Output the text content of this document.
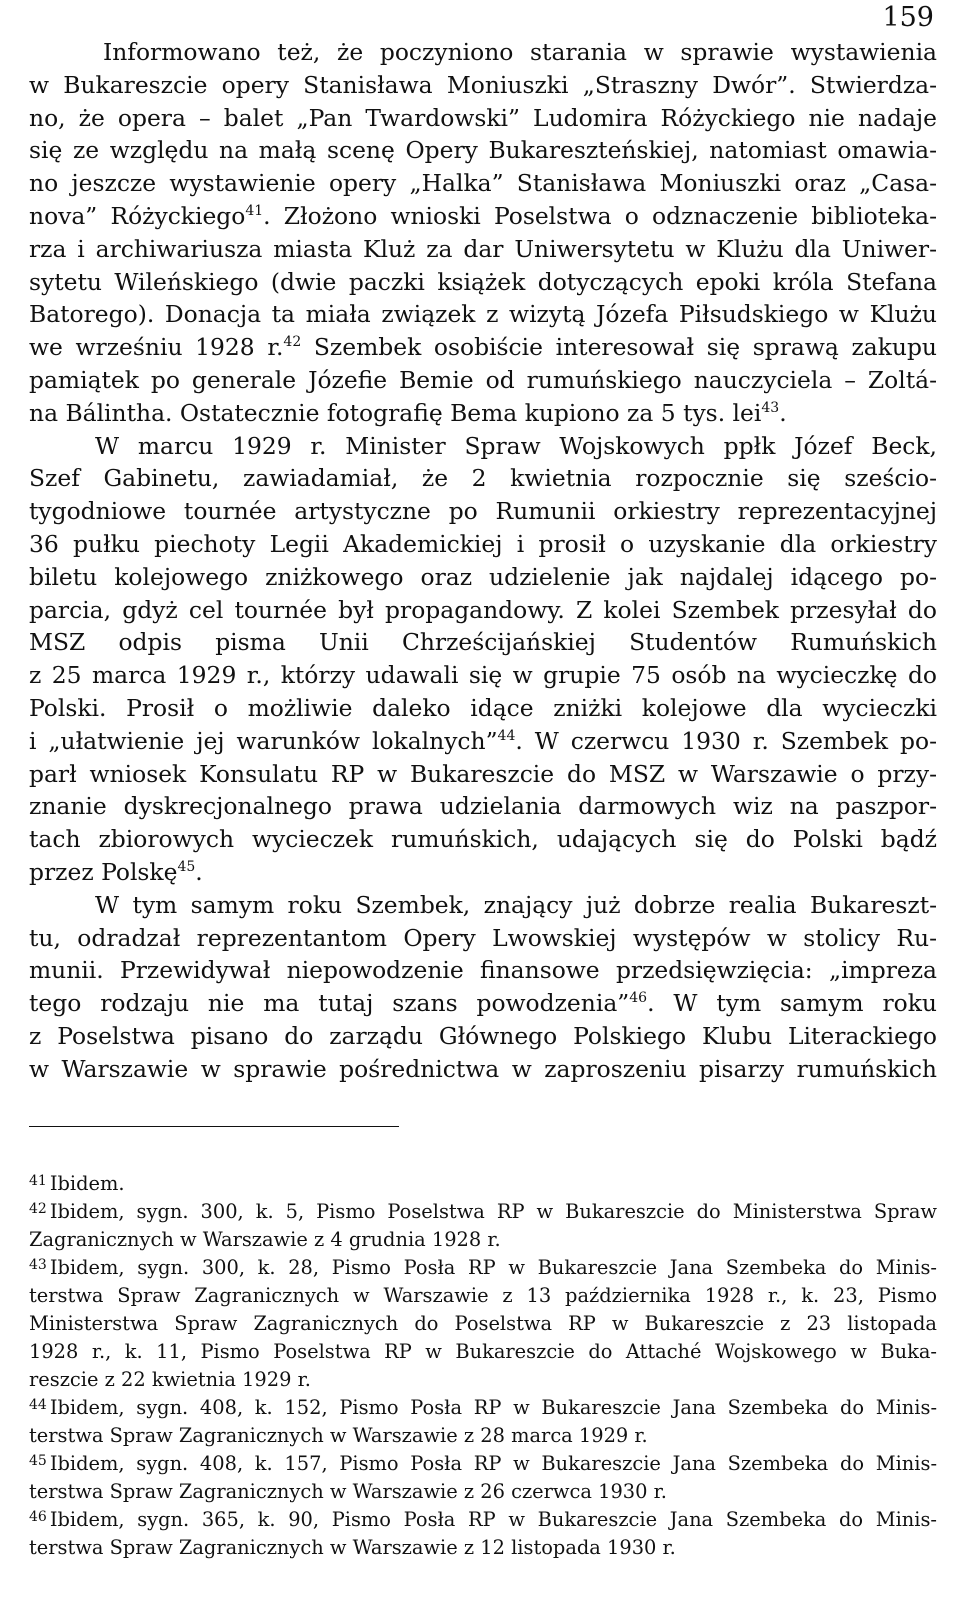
159
Informowano też, że poczyniono starania w sprawie wystawienia
w Bukareszcie opery Stanisława Moniuszki „Straszny Dwór”. Stwierdza-
no, że opera – balet „Pan Twardowski” Ludomira Różyckiego nie nadaje
się ze względu na małą scenę Opery Bukareszteńskiej, natomiast omawia-
no jeszcze wystawienie opery „Halka” Stanisława Moniuszki oraz „Casa-
nova” Różyckiego$^{41}$. Złożono wnioski Poselstwa o odznaczenie biblioteka-
rza i archiwariusza miasta Kluż za dar Uniwersytetu w Klużu dla Uniwer-
sytetu Wileńskiego (dwie paczki książek dotyczących epoki króla Stefana
Batorego). Donacja ta miała związek z wizytą Józefa Piłsudskiego w Klużu
we wrześniu 1928 r.$^{42}$ Szembek osobiście interesował się sprawą zakupu
pamiątek po generale Józefie Bemie od rumuńskiego nauczyciela – Zoltá-
na Bálintha. Ostatecznie fotografię Bema kupiono za 5 tys. lei$^{43}$.
W marcu 1929 r. Minister Spraw Wojskowych ppłk Józef Beck,
Szef Gabinetu, zawiadamiał, że 2 kwietnia rozpocznie się sześcio-
tygodniowe tournée artystyczne po Rumunii orkiestry reprezentacyjnej
36 pułku piechoty Legii Akademickiej i prosił o uzyskanie dla orkiestry
biletu kolejowego zniżkowego oraz udzielenie jak najdalej idącego po-
parcia, gdyż cel tournée był propagandowy. Z kolei Szembek przesyłał do
MSZ odpis pisma Unii Chrześcijańskiej Studentów Rumuńskich
z 25 marca 1929 r., którzy udawali się w grupie 75 osób na wycieczkę do
Polski. Prosił o możliwie daleko idące zniżki kolejowe dla wycieczki
i „ułatwienie jej warunków lokalnych”$^{44}$. W czerwcu 1930 r. Szembek po-
parł wniosek Konsulatu RP w Bukareszcie do MSZ w Warszawie o przy-
znanie dyskrecjonalnego prawa udzielania darmowych wiz na paszpor-
tach zbiorowych wycieczek rumuńskich, udających się do Polski bądź
przez Polskę$^{45}$.
W tym samym roku Szembek, znający już dobrze realia Bukareszt-
tu, odradzał reprezentantom Opery Lwowskiej występów w stolicy Ru-
munii. Przewidywał niepowodzenie finansowe przedsięwzięcia: „impreza
tego rodzaju nie ma tutaj szans powodzenia”$^{46}$. W tym samym roku
z Poselstwa pisano do zarządu Głównego Polskiego Klubu Literackiego
w Warszawie w sprawie pośrednictwa w zaproszeniu pisarzy rumuńskich
$^{41}$ Ibidem.
$^{42}$ Ibidem, sygn. 300, k. 5, Pismo Poselstwa RP w Bukareszcie do Ministerstwa Spraw
Zagranicznych w Warszawie z 4 grudnia 1928 r.
$^{43}$ Ibidem, sygn. 300, k. 28, Pismo Posła RP w Bukareszcie Jana Szembeka do Minis-
terstwa Spraw Zagranicznych w Warszawie z 13 października 1928 r., k. 23, Pismo
Ministerstwa Spraw Zagranicznych do Poselstwa RP w Bukareszcie z 23 listopada
1928 r., k. 11, Pismo Poselstwa RP w Bukareszcie do Attaché Wojskowego w Buka-
reszcie z 22 kwietnia 1929 r.
$^{44}$ Ibidem, sygn. 408, k. 152, Pismo Posła RP w Bukareszcie Jana Szembeka do Minis-
terstwa Spraw Zagranicznych w Warszawie z 28 marca 1929 r.
$^{45}$ Ibidem, sygn. 408, k. 157, Pismo Posła RP w Bukareszcie Jana Szembeka do Minis-
terstwa Spraw Zagranicznych w Warszawie z 26 czerwca 1930 r.
$^{46}$ Ibidem, sygn. 365, k. 90, Pismo Posła RP w Bukareszcie Jana Szembeka do Minis-
terstwa Spraw Zagranicznych w Warszawie z 12 listopada 1930 r.
